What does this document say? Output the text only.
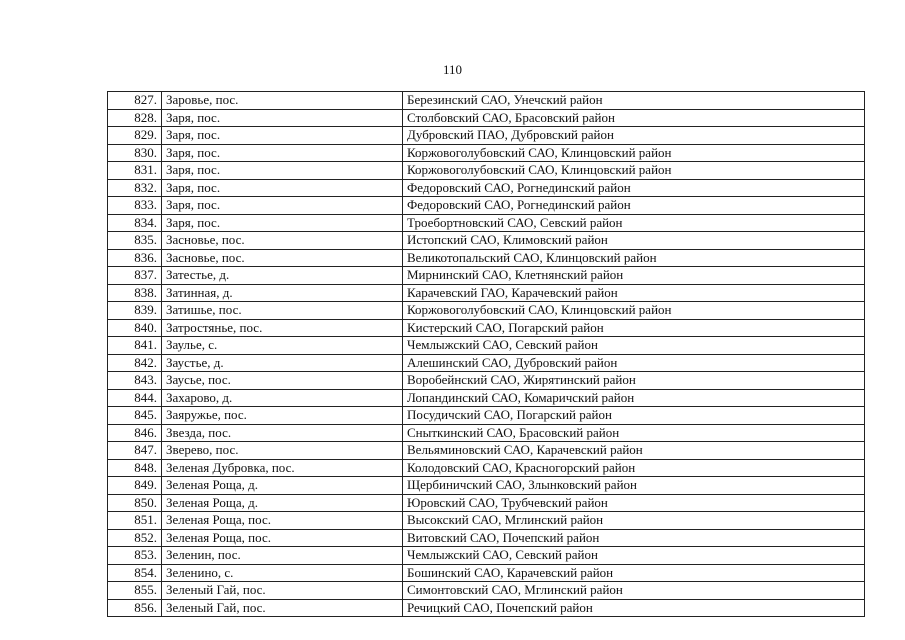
110
827.	Заровье, пос.	Березинский САО, Унечский район
828.	Заря, пос.	Столбовский САО, Брасовский район
829.	Заря, пос.	Дубровский ПАО, Дубровский район
830.	Заря, пос.	Коржовоголубовский САО, Клинцовский район
831.	Заря, пос.	Коржовоголубовский САО, Клинцовский район
832.	Заря, пос.	Федоровский САО, Рогнединский район
833.	Заря, пос.	Федоровский САО, Рогнединский район
834.	Заря, пос.	Троебортновский САО, Севский район
835.	Засновье, пос.	Истопский САО, Климовский район
836.	Засновье, пос.	Великотопальский САО, Клинцовский район
837.	Затестье, д.	Мирнинский САО, Клетнянский район
838.	Затинная, д.	Карачевский ГАО, Карачевский район
839.	Затишье, пос.	Коржовоголубовский САО, Клинцовский район
840.	Затростянье, пос.	Кистерский САО, Погарский район
841.	Заулье, с.	Чемлыжский САО, Севский район
842.	Заустье, д.	Алешинский САО, Дубровский район
843.	Заусье, пос.	Воробейнский САО, Жирятинский район
844.	Захарово, д.	Лопандинский САО, Комаричский район
845.	Заяружье, пос.	Посудичский САО, Погарский район
846.	Звезда, пос.	Сныткинский САО, Брасовский район
847.	Зверево, пос.	Вельяминовский САО, Карачевский район
848.	Зеленая Дубровка, пос.	Колодовский САО, Красногорский район
849.	Зеленая Роща, д.	Щербиничский САО, Злынковский район
850.	Зеленая Роща, д.	Юровский САО, Трубчевский район
851.	Зеленая Роща, пос.	Высокский САО, Мглинский район
852.	Зеленая Роща, пос.	Витовский САО, Почепский район
853.	Зеленин, пос.	Чемлыжский САО, Севский район
854.	Зеленино, с.	Бошинский САО, Карачевский район
855.	Зеленый Гай, пос.	Симонтовский САО, Мглинский район
856.	Зеленый Гай, пос.	Речицкий САО, Почепский район
